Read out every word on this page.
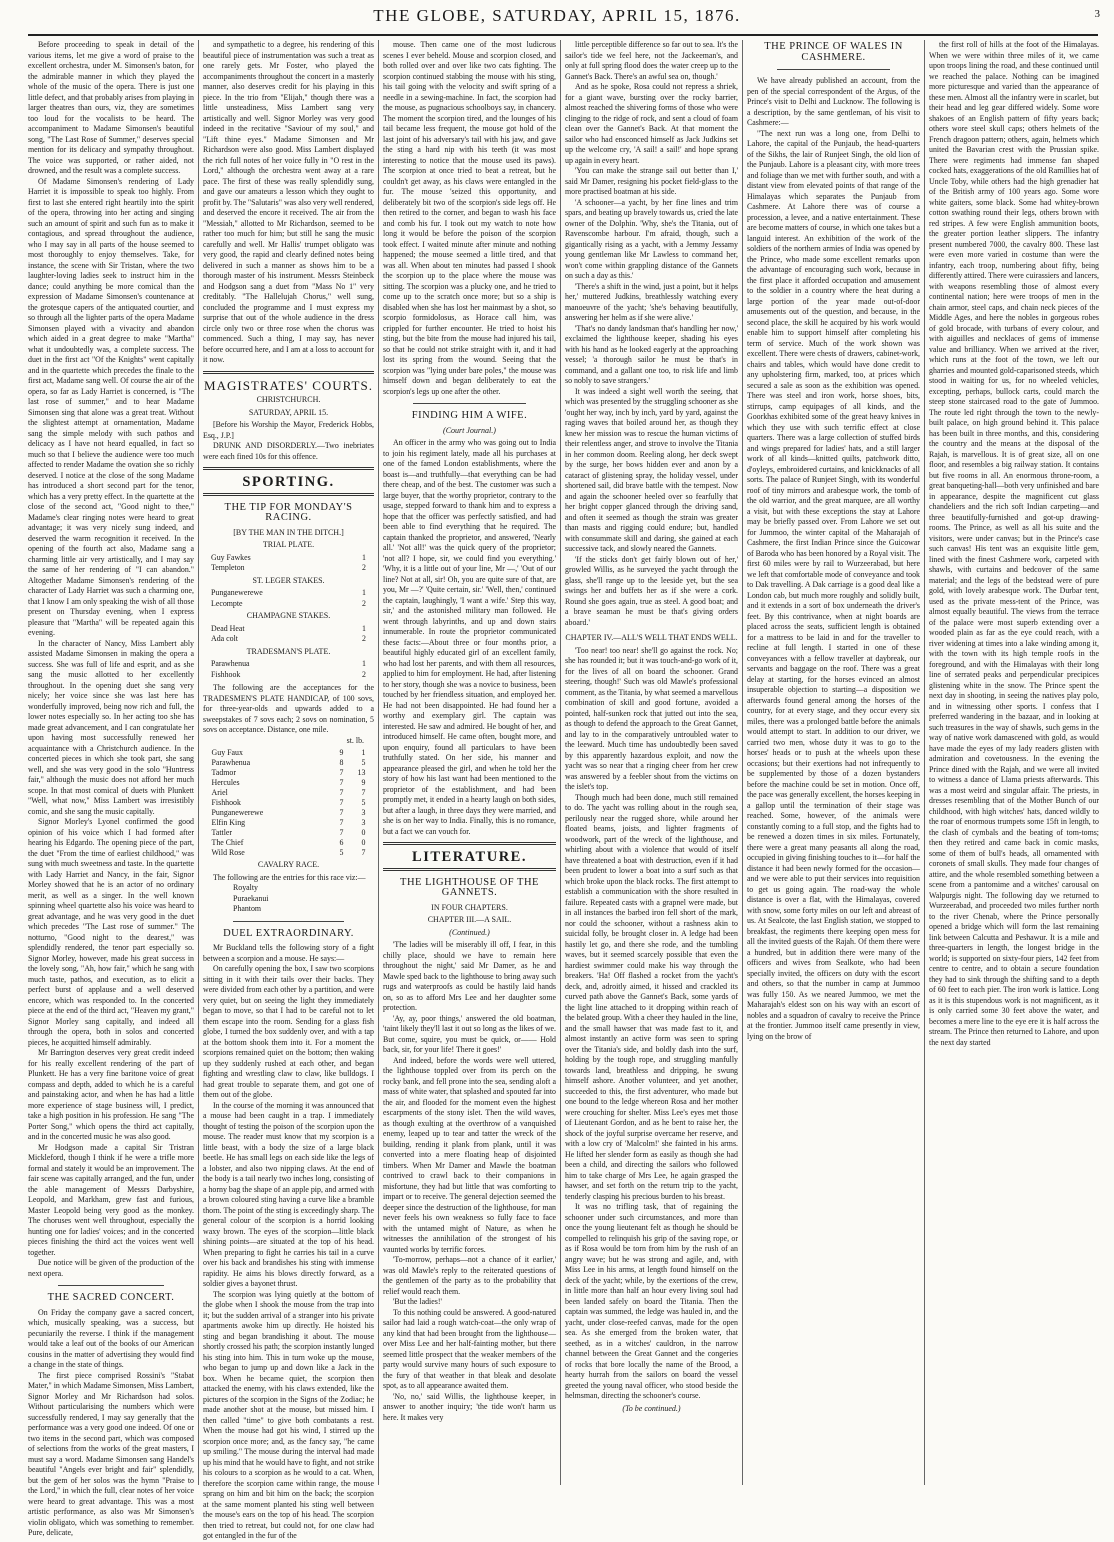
THE GLOBE, SATURDAY, APRIL 15, 1876.	3

Before proceeding to speak in detail of the various items, let me give a word of praise to the excellent orchestra, under M. Simonsen's baton, for the admirable manner in which they played the whole of the music of the opera. There is just one little defect, and that probably arises from playing in larger theatres than ours, viz, they are sometimes too loud for the vocalists to be heard. The accompaniment to Madame Simonsen's beautiful song, "The Last Rose of Summer," deserves special mention for its delicacy and sympathy throughout. The voice was supported, or rather aided, not drowned, and the result was a complete success.

Of Madame Simonsen's rendering of Lady Harriet it is impossible to speak too highly. From first to last she entered right heartily into the spirit of the opera, throwing into her acting and singing such an amount of spirit and such fun as to make it contagious, and spread throughout the audience, who I may say in all parts of the house seemed to most thoroughly to enjoy themselves. Take, for instance, the scene with Sir Tristan, where the two laughter-loving ladies seek to instruct him in the dance; could anything be more comical than the expression of Madame Simonsen's countenance at the grotesque capers of the antiquated courtier, and so through all the lighter parts of the opera Madame Simonsen played with a vivacity and abandon which aided in a great degree to make "Martha" what it undoubtedly was, a complete success. The duet in the first act "Of the Knights" went capitally and in the quartette which precedes the finale to the first act, Madame sang well. Of course the air of the opera, so far as Lady Harriet is concerned, is "The last rose of summer," and to hear Madame Simonsen sing that alone was a great treat. Without the slightest attempt at ornamentation, Madame sang the simple melody with such pathos and delicacy as I have not heard equalled, in fact so much so that I believe the audience were too much affected to render Madame the ovation she so richly deserved. I notice at the close of the song Madame has introduced a short second part for the tenor, which has a very pretty effect. In the quartette at the close of the second act, "Good night to thee," Madame's clear ringing notes were heard to great advantage; it was very nicely sung indeed, and deserved the warm recognition it received. In the opening of the fourth act also, Madame sang a charming little air very artistically, and I may say the same of her rendering of "I can abandon." Altogether Madame Simonsen's rendering of the character of Lady Harriet was such a charming one, that I know I am only speaking the wish of all those present on Thursday evening, when I express pleasure that "Martha" will be repeated again this evening.

In the character of Nancy, Miss Lambert ably assisted Madame Simonsen in making the opera a success. She was full of life and esprit, and as she sang the music allotted to her excellently throughout. In the opening duet she sang very nicely; her voice since she was last here has wonderfully improved, being now rich and full, the lower notes especially so. In her acting too she has made great advancement, and I can congratulate her upon having most successfully renewed her acquaintance with a Christchurch audience. In the concerted pieces in which she took part, she sang well, and she was very good in the solo "Huntress fair," although the music does not afford her much scope. In that most comical of duets with Plunkett "Well, what now," Miss Lambert was irresistibly comic, and she sang the music capitally.

Signor Morley's Lyonel confirmed the good opinion of his voice which I had formed after hearing his Edgardo. The opening piece of the part, the duet "From the time of earliest childhood," was sung with much sweetness and taste. In the quartette with Lady Harriet and Nancy, in the fair, Signor Morley showed that he is an actor of no ordinary merit, as well as a singer. In the well known spinning wheel quartette also his voice was heard to great advantage, and he was very good in the duet which precedes "The Last rose of summer." The notturno, "Good night to the dearest," was splendidly rendered, the tenor part especially so. Signor Morley, however, made his great success in the lovely song, "Ah, how fair," which he sang with much taste, pathos, and execution, as to elicit a perfect burst of applause and a well deserved encore, which was responded to. In the concerted piece at the end of the third act, "Heaven my grant," Signor Morley sang capitally, and indeed all through the opera, both in solos and concerted pieces, he acquitted himself admirably.

Mr Barrington deserves very great credit indeed for his really excellent rendering of the part of Plunkett. He has a very fine baritone voice of great compass and depth, added to which he is a careful and painstaking actor, and when he has had a little more experience of stage business will, I predict, take a high position in his profession. He sang "The Porter Song," which opens the third act capitally, and in the concerted music he was also good.

Mr Hodgson made a capital Sir Tristran Mickleford, though I think if he were a trifle more formal and stately it would be an improvement. The fair scene was capitally arranged, and the fun, under the able management of Messrs Darbyshire, Leopold, and Markham, grew fast and furious, Master Leopold being very good as the monkey. The choruses went well throughout, especially the hunting one for ladies' voices; and in the concerted pieces finishing the third act the voices went well together.

Due notice will be given of the production of the next opera.

THE SACRED CONCERT.

On Friday the company gave a sacred concert, which, musically speaking, was a success, but pecuniarily the reverse. I think if the management would take a leaf out of the books of our American cousins in the matter of advertising they would find a change in the state of things.

The first piece comprised Rossini's "Stabat Mater," in which Madame Simonsen, Miss Lambert, Signor Morley and Mr Richardson had solos. Without particularising the numbers which were successfully rendered, I may say generally that the performance was a very good one indeed. Of one or two items in the second part, which was composed of selections from the works of the great masters, I must say a word. Madame Simonsen sang Handel's beautiful "Angels ever bright and fair" splendidly, but the gem of her solos was the hymn "Praise to the Lord," in which the full, clear notes of her voice were heard to great advantage. This was a most artistic performance, as also was Mr Simonsen's violin obligato, which was something to remember. Pure, delicate,

and sympathetic to a degree, his rendering of this beautiful piece of instrumentation was such a treat as one rarely gets. Mr Foster, who played the accompaniments throughout the concert in a masterly manner, also deserves credit for his playing in this piece. In the trio from "Elijah," though there was a little unsteadiness, Miss Lambert sang very artistically and well. Signor Morley was very good indeed in the recitative "Saviour of my soul," and "Lift thine eyes." Madame Simonsen and Mr Richardson were also good. Miss Lambert displayed the rich full notes of her voice fully in "O rest in the Lord," although the orchestra went away at a rare pace. The first of these was really splendidly sung, and gave our amateurs a lesson which they ought to profit by. The "Salutaris" was also very well rendered, and deserved the encore it received. The air from the "Messiah," allotted to Mr Richardson, seemed to be rather too much for him; but still he sang the music carefully and well. Mr Hallis' trumpet obligato was very good, the rapid and clearly defined notes being delivered in such a manner as shows him to be a thorough master of his instrument. Messrs Steinbeck and Hodgson sang a duet from "Mass No 1" very creditably. "The Hallelujah Chorus," well sung, concluded the programme and I must express my surprise that out of the whole audience in the dress circle only two or three rose when the chorus was commenced. Such a thing, I may say, has never before occurred here, and I am at a loss to account for it now.

MAGISTRATES' COURTS.
CHRISTCHURCH.
SATURDAY, APRIL 15.

[Before his Worship the Mayor, Frederick Hobbs, Esq., J.P.]

DRUNK AND DISORDERLY.—Two inebriates were each fined 10s for this offence.

SPORTING.
THE TIP FOR MONDAY'S RACING.
[BY THE MAN IN THE DITCH.]
TRIAL PLATE.
Guy Fawkes	1
Templeton	2
ST. LEGER STAKES.
Punganewerewe	1
Lecompte	2
CHAMPAGNE STAKES.
Dead Heat	1
Ada colt	2
TRADESMAN'S PLATE.
Parawhenua	1
Fishhook	2

The following are the acceptances for the TRADESMEN'S PLATE HANDICAP, of 100 sovs, for three-year-olds and upwards added to a sweepstakes of 7 sovs each; 2 sovs on nomination, 5 sovs on acceptance. Distance, one mile.

st. lb.
Guy Faux	9	1
Parawhenua	8	5
Tadmor	7	13
Hercules	7	9
Ariel	7	7
Fishhook	7	5
Punganewerewe	7	3
Elfin King	7	3
Tattler	7	0
The Chief	6	0
Wild Rose	5	7
CAVALRY RACE.

The following are the entries for this race viz:—

Royalty
Puraekanui
Phantom
DUEL EXTRAORDINARY.

Mr Buckland tells the following story of a fight between a scorpion and a mouse. He says:—

On carefully opening the box, I saw two scorpions sitting in it with their tails over their backs. They were divided from each other by a partition, and were very quiet, but on seeing the light they immediately began to move, so that I had to be careful not to let them escape into the room. Sending for a glass fish globe, I turned the box suddenly over, and with a tap at the bottom shook them into it. For a moment the scorpions remained quiet on the bottom; then waking up they suddenly rushed at each other, and began fighting and wrestling claw to claw, like bulldogs. I had great trouble to separate them, and got one of them out of the globe.

In the course of the morning it was announced that a mouse had been caught in a trap. I immediately thought of testing the poison of the scorpion upon the mouse. The reader must know that my scorpion is a little beast, with a body the size of a large black beetle. He has small legs on each side like the legs of a lobster, and also two nipping claws. At the end of the body is a tail nearly two inches long, consisting of a horny bag the shape of an apple pip, and armed with a brown coloured sting having a curve like a bramble thorn. The point of the sting is exceedingly sharp. The general colour of the scorpion is a horrid looking waxy brown. The eyes of the scorpion—little black shining points—are situated at the top of his head. When preparing to fight he carries his tail in a curve over his back and brandishes his sting with immense rapidity. He aims his blows directly forward, as a soldier gives a bayonet thrust.

The scorpion was lying quietly at the bottom of the globe when I shook the mouse from the trap into it; but the sudden arrival of a stranger into his private apartments awoke him up directly. He hoisted his sting and began brandishing it about. The mouse shortly crossed his path; the scorpion instantly lunged his sting into him. This in turn woke up the mouse, who began to jump up and down like a Jack in the box. When he became quiet, the scorpion then attacked the enemy, with his claws extended, like the pictures of the scorpion in the Signs of the Zodiac; he made another shot at the mouse, but missed him. I then called "time" to give both combatants a rest. When the mouse had got his wind, I stirred up the scorpion once more; and, as the fancy say, "he came up smiling." The mouse during the interval had made up his mind that he would have to fight, and not strike his colours to a scorpion as he would to a cat. When, therefore the scorpion came within range, the mouse sprang on him and bit him on the back; the scorpion at the same moment planted his sting well between the mouse's ears on the top of his head. The scorpion then tried to retreat, but could not, for one claw had got entangled in the fur of the

mouse. Then came one of the most ludicrous scenes I ever beheld. Mouse and scorpion closed, and both rolled over and over like two cats fighting. The scorpion continued stabbing the mouse with his sting, his tail going with the velocity and swift spring of a needle in a sewing-machine. In fact, the scorpion had the mouse, as pugnacious schoolboys say, in chancery. The moment the scorpion tired, and the lounges of his tail became less frequent, the mouse got hold of the last joint of his adversary's tail with his jaw, and gave the sting a hard nip with his teeth (it was most interesting to notice that the mouse used its paws). The scorpion at once tried to beat a retreat, but he couldn't get away, as his claws were entangled in the fur. The mouse 'seized this opportunity, and deliberately bit two of the scorpion's side legs off. He then retired to the corner, and began to wash his face and comb his fur. I took out my watch to note how long it would be before the poison of the scorpion took effect. I waited minute after minute and nothing happened; the mouse seemed a little tired, and that was all. When about ten minutes had passed I shook the scorpion up to the place where the mouse was sitting. The scorpion was a plucky one, and he tried to come up to the scratch once more; but so a ship is disabled when she has lost her mainmast by a shot, so scorpio formidolosus, as Horace call him, was crippled for further encounter. He tried to hoist his sting, but the bite from the mouse had injured his tail, so that he could not strike straight with it, and it had lost its spring from the wound. Seeing that the scorpion was "lying under bare poles," the mouse was himself down and began deliberately to eat the scorpion's legs up one after the other.

FINDING HIM A WIFE.
(Court Journal.)

An officer in the army who was going out to India to join his regiment lately, made all his purchases at one of the famed London establishments, where the boast is—and truthfully—that everything can be had there cheap, and of the best. The customer was such a large buyer, that the worthy proprietor, contrary to the usage, stepped forward to thank him and to express a hope that the officer was perfectly satisfied, and had been able to find everything that he required. The captain thanked the proprietor, and answered, 'Nearly all.' 'Not all!' was the quick query of the proprietor; 'not all? I hope, sir, we could find you everything.' 'Why, it is a little out of your line, Mr —,' 'Out of our line? Not at all, sir! Oh, you are quite sure of that, are you, Mr —?' 'Quite certain, sir.' 'Well, then,' continued the captain, laughingly, 'I want a wife.' Step this way, sir,' and the astonished military man followed. He went through labyrinths, and up and down stairs innumerable. In route the proprietor communicated these facts:—About three or four months prior, a beautiful highly educated girl of an excellent family, who had lost her parents, and with them all resources, applied to him for employment. He had, after listening to her story, though she was a novice to business, been touched by her friendless situation, and employed her. He had not been disappointed. He had found her a worthy and exemplary girl. The captain was interested. He saw and admired. He bought of her, and introduced himself. He came often, bought more, and upon enquiry, found all particulars to have been truthfully stated. On her side, his manner and appearance pleased the girl, and when he told her the story of how his last want had been mentioned to the proprietor of the establishment, and had been promptly met, it ended in a hearty laugh on both sides, but after a laugh, in three days they were married, and she is on her way to India. Finally, this is no romance, but a fact we can vouch for.

LITERATURE.
THE LIGHTHOUSE OF THE GANNETS.
IN FOUR CHAPTERS.
CHAPTER III.—A SAIL.
(Continued.)

'The ladies will be miserably ill off, I fear, in this chilly place, should we have to remain here throughout the night,' said Mr Damer, as he and Mawle sped back to the lighthouse to bring away such rugs and waterproofs as could be hastily laid hands on, so as to afford Mrs Lee and her daughter some protection.

'Ay, ay, poor things,' answered the old boatman, 'taint likely they'll last it out so long as the likes of we. But come, squire, you must be quick, or—— Hold back, sir, for your life! There it goes!'

And indeed, before the words were well uttered, the lighthouse toppled over from its perch on the rocky bank, and fell prone into the sea, sending aloft a mass of white water, that splashed and spouted far into the air, and flooded for the moment even the highest escarpments of the stony islet. Then the wild waves, as though exulting at the overthrow of a vanquished enemy, leaped up to tear and tatter the wreck of the building, rending it plank from plank, until it was converted into a mere floating heap of disjointed timbers. When Mr Damer and Mawle the boatman contrived to crawl back to their companions in misfortune, they had but little that was comforting to impart or to receive. The general dejection seemed the deeper since the destruction of the lighthouse, for man never feels his own weakness so fully face to face with the untamed might of Nature, as when he witnesses the annihilation of the strongest of his vaunted works by terrific forces.

'To-morrow, perhaps—not a chance of it earlier,' was old Mawle's reply to the reiterated questions of the gentlemen of the party as to the probability that relief would reach them.

'But the ladies!'

To this nothing could be answered. A good-natured sailor had laid a rough watch-coat—the only wrap of any kind that had been brought from the lighthouse—over Miss Lee and her half-fainting mother, but there seemed little prospect that the weaker members of the party would survive many hours of such exposure to the fury of that weather in that bleak and desolate spot, as to all appearance awaited them.

'No, no,' said Willis, the lighthouse keeper, in answer to another inquiry; 'the tide won't harm us here. It makes very

little perceptible difference so far out to sea. It's the sailor's tide we feel here, not the Jackeeman's, and only at full spring flood does the water creep up to the Gannet's Back. There's an awful sea on, though.'

And as he spoke, Rosa could not repress a shriek, for a giant wave, bursting over the rocky barrier, almost reached the shivering forms of those who were clinging to the ridge of rock, and sent a cloud of foam clean over the Gannet's Back. At that moment the sailor who had ensconced himself as Jack Judkins set up the welcome cry, 'A sail! a sail!' and hope sprang up again in every heart.

'You can make the strange sail out better than I,' said Mr Damer, resigning his pocket field-glass to the more practised boatman at his side.

'A schooner—a yacht, by her fine lines and trim spars, and beating up bravely towards us, cried the late owner of the Dolphin. 'Why, she's the Titania, out of Ravenscombe harbour. I'm afraid, though, such a gigantically rising as a yacht, with a Jemmy Jessamy young gentleman like Mr Lawless to command her, won't come within grappling distance of the Gannets on such a day as this.'

'There's a shift in the wind, just a point, but it helps her,' muttered Judkins, breathlessly watching every manoeuvre of the yacht; 'she's behaving beautifully, answering her helm as if she were alive.'

'That's no dandy landsman that's handling her now,' exclaimed the lighthouse keeper, shading his eyes with his hand as he looked eagerly at the approaching vessel; 'a thorough sailor he must be that's in command, and a gallant one too, to risk life and limb so nobly to save strangers.'

It was indeed a sight well worth the seeing, that which was presented by the struggling schooner as she 'ought her way, inch by inch, yard by yard, against the raging waves that boiled around her, as though they knew her mission was to rescue the human victims of their relentless anger, and strove to involve the Titania in her common doom. Reeling along, her deck swept by the surge, her bows hidden ever and anon by a cataract of glistening spray, the holiday vessel, under shortened sail, did brave battle with the tempest. Now and again the schooner heeled over so fearfully that her bright copper glanced through the driving sand, and often it seemed as though the strain was greater than masts and rigging could endure; but, handled with consummate skill and daring, she gained at each successive tack, and slowly neared the Gannets.

'If the sticks don't get fairly blown out of her,' growled Willis, as he surveyed the yacht through the glass, she'll range up to the leeside yet, but the sea swings her and buffets her as if she were a cork. Round she goes again, true as steel. A good boat; and a brave seaman he must be that's giving orders aboard.'

CHAPTER IV.—ALL'S WELL THAT ENDS WELL.

'Too near! too near! she'll go against the rock. No; she has rounded it; but it was touch-and-go work of it, for the lives of all on board the schooner. Grand steering, though!' Such was old Mawle's professional comment, as the Titania, by what seemed a marvellous combination of skill and good fortune, avoided a pointed, half-sunken rock that jutted out into the sea, as though to defend the approach to the Great Gannet, and lay to in the comparatively untroubled water to the leeward. Much time has undoubtedly been saved by this apparently hazardous exploit, and now the yacht was so near that a ringing cheer from her crew was answered by a feebler shout from the victims on the islet's top.

Though much had been done, much still remained to do. The yacht was rolling about in the rough sea, perilously near the rugged shore, while around her floated beams, joists, and lighter fragments of woodwork, part of the wreck of the lighthouse, and whirling about with a violence that would of itself have threatened a boat with destruction, even if it had been prudent to lower a boat into a surf such as that which broke upon the black rocks. The first attempt to establish a communication with the shore resulted in failure. Repeated casts with a grapnel were made, but in all instances the barbed iron fell short of the mark, nor could the schooner, without a rashness akin to suicidal folly, be brought closer in. A ledge had been hastily let go, and there she rode, and the tumbling waves, but it seemed scarcely possible that even the hardiest swimmer could make his way through the breakers. 'Ha! Off flashed a rocket from the yacht's deck, and, adroitly aimed, it hissed and crackled its curved path above the Gannet's Back, some yards of the light line attached to it dropping within reach of the belated group. With a cheer they hauled in the line, and the small hawser that was made fast to it, and almost instantly an active form was seen to spring over the Titania's side, and boldly dash into the surf, holding by the tough rope, and struggling manfully towards land, breathless and dripping, he swung himself ashore. Another volunteer, and yet another, succeeded to this, the first adventurer, who made but one bound to the ledge whereon Rosa and her mother were crouching for shelter. Miss Lee's eyes met those of Lieutenant Gordon, and as he bent to raise her, the shock of the joyful surprise overcame her reserve, and with a low cry of 'Malcolm!' she fainted in his arms. He lifted her slender form as easily as though she had been a child, and directing the sailors who followed him to take charge of Mrs Lee, he again grasped the hawser, and set forth on the return trip to the yacht, tenderly clasping his precious burden to his breast.

It was no trifling task, that of regaining the schooner under such circumstances, and more than once the young lieutenant felt as though he should be compelled to relinquish his grip of the saving rope, or as if Rosa would be torn from him by the rush of an angry wave; but he was strong and agile, and, with Miss Lee in his arms, at length found himself on the deck of the yacht; while, by the exertions of the crew, in little more than half an hour every living soul had been landed safely on board the Titania. Then the captain was summed, the ledge was hauled in, and the yacht, under close-reefed canvas, made for the open sea. As she emerged from the broken water, that seethed, as in a witches' cauldron, in the narrow channel between the Great Gannet and the congeries of rocks that bore locally the name of the Brood, a hearty hurrah from the sailors on board the vessel greeted the young naval officer, who stood beside the helmsman, directing the schooner's course.

(To be continued.)
THE PRINCE OF WALES IN CASHMERE.

We have already published an account, from the pen of the special correspondent of the Argus, of the Prince's visit to Delhi and Lucknow. The following is a description, by the same gentleman, of his visit to Cashmere:—

"The next run was a long one, from Delhi to Lahore, the capital of the Punjaub, the head-quarters of the Sikhs, the lair of Runjeet Singh, the old lion of the Punjaub. Lahore is a pleasant city, with more trees and foliage than we met with further south, and with a distant view from elevated points of that range of the Himalayas which separates the Punjaub from Cashmere. At Lahore there was of course a procession, a levee, and a native entertainment. These are become matters of course, in which one takes but a languid interest. An exhibition of the work of the soldiers of the northern armies of India was opened by the Prince, who made some excellent remarks upon the advantage of encouraging such work, because in the first place it afforded occupation and amusement to the soldier in a country where the heat during a large portion of the year made out-of-door amusements out of the question, and because, in the second place, the skill he acquired by his work would enable him to support himself after completing his term of service. Much of the work shown was excellent. There were chests of drawers, cabinet-work, chairs and tables, which would have done credit to any upholstering firm, marked, too, at prices which secured a sale as soon as the exhibition was opened. There was steel and iron work, horse shoes, bits, stirrups, camp equipages of all kinds, and the Goorkhas exhibited some of the great heavy knives in which they use with such terrific effect at close quarters. There was a large collection of stuffed birds and wings prepared for ladies' hats, and a still larger work of all kinds—knitted quilts, patchwork ditto, d'oyleys, embroidered curtains, and knickknacks of all sorts. The palace of Runjeet Singh, with its wonderful roof of tiny mirrors and arabesque work, the tomb of the old warrior, and the great marquee, are all worthy a visit, but with these exceptions the stay at Lahore may be briefly passed over. From Lahore we set out for Jummoo, the winter capital of the Maharajah of Cashmere, the first Indian Prince since the Guicowar of Baroda who has been honored by a Royal visit. The first 60 miles were by rail to Wurzeerabad, but here we left that comfortable mode of conveyance and took to Dak travelling. A Dak carriage is a good deal like a London cab, but much more roughly and solidly built, and it extends in a sort of box underneath the driver's feet. By this contrivance, when at night boards are placed across the seats, sufficient length is obtained for a mattress to be laid in and for the traveller to recline at full length. I started in one of these conveyances with a fellow traveller at daybreak, our servants and baggage on the roof. There was a great delay at starting, for the horses evinced an almost insuperable objection to starting—a disposition we afterwards found general among the horses of the country, for at every stage, and they occur every six miles, there was a prolonged battle before the animals would attempt to start. In addition to our driver, we carried two men, whose duty it was to go to the horses' heads or to push at the wheels upon these occasions; but their exertions had not infrequently to be supplemented by those of a dozen bystanders before the machine could be set in motion. Once off, the pace was generally excellent, the horses keeping in a gallop until the termination of their stage was reached. Some, however, of the animals were constantly coming to a full stop, and the fights had to be renewed a dozen times in six miles. Fortunately, there were a great many peasants all along the road, occupied in giving finishing touches to it—for half the distance it had been newly formed for the occasion—and we were able to put their services into requisition to get us going again. The road-way the whole distance is over a flat, with the Himalayas, covered with snow, some forty miles on our left and abreast of us. At Sealcote, the last English station, we stopped to breakfast, the regiments there keeping open mess for all the invited guests of the Rajah. Of them there were a hundred, but in addition there were many of the officers and wives from Sealkote, who had been specially invited, the officers on duty with the escort and others, so that the number in camp at Jummoo was fully 150. As we neared Jummoo, we met the Maharajah's eldest son on his way with an escort of nobles and a squadron of cavalry to receive the Prince at the frontier. Jummoo itself came presently in view, lying on the brow of

the first roll of hills at the foot of the Himalayas. When we were within three miles of it, we came upon troops lining the road, and these continued until we reached the palace. Nothing can be imagined more picturesque and varied than the appearance of these men. Almost all the infantry were in scarlet, but their head and leg gear differed widely. Some wore shakoes of an English pattern of fifty years back; others wore steel skull caps; others helmets of the French dragoon pattern; others, again, helmets which united the Bavarian crest with the Prussian spike. There were regiments had immense fan shaped cocked hats, exaggerations of the old Ramillies hat of Uncle Toby, while others had the high grenadier hat of the British army of 100 years ago. Some wore white gaiters, some black. Some had whitey-brown cotton swathing round their legs, others brown with red stripes. A few were English ammunition boots, the greater portion leather slippers. The infantry present numbered 7000, the cavalry 800. These last were even more varied in costume than were the infantry, each troop, numbering about fifty, being differently attired. There were cuirassiers and lancers, with weapons resembling those of almost every continental nation; here were troops of men in the chain armor, steel caps, and chain neck pieces of the Middle Ages, and here the nobles in gorgeous robes of gold brocade, with turbans of every colour, and with aiguilles and necklaces of gems of immense value and brilliancy. When we arrived at the river, which runs at the foot of the town, we left our gharries and mounted gold-caparisoned steeds, which stood in waiting for us, for no wheeled vehicles, excepting, perhaps, bullock carts, could march the steep stone staircased road to the gate of Jummoo. The route led right through the town to the newly-built palace, on high ground behind it. This palace has been built in three months, and this, considering the country and the means at the disposal of the Rajah, is marvellous. It is of great size, all on one floor, and resembles a big railway station. It contains but five rooms in all. An enormous throne-room, a great banqueting-hall—both very unfinished and bare in appearance, despite the magnificent cut glass chandeliers and the rich soft Indian carpeting—and three beautifully-furnished and got-up drawing-rooms. The Prince, as well as all his suite and the visitors, were under canvas; but in the Prince's case such canvas! His tent was an exquisite little gem, lined with the finest Cashmere work, carpeted with shawls, with curtains and bedcover of the same material; and the legs of the bedstead were of pure gold, with lovely arabesque work. The Durbar tent, used as the private mess-tent of the Prince, was almost equally beautiful. The views from the terrace of the palace were most superb extending over a wooded plain as far as the eye could reach, with a river widening at times into a lake winding among it, with the town with its high temple roofs in the foreground, and with the Himalayas with their long line of serrated peaks and perpendicular precipices glistening white in the snow. The Prince spent the next day in shooting, in seeing the natives play polo, and in witnessing other sports. I confess that I preferred wandering in the bazaar, and in looking at such treasures in the way of shawls, such gems in the way of native work damascened with gold, as would have made the eyes of my lady readers glisten with admiration and covetousness. In the evening the Prince dined with the Rajah, and we were all invited to witness a dance of Llama priests afterwards. This was a most weird and singular affair. The priests, in dresses resembling that of the Mother Bunch of our childhood, with high witches' hats, danced wildly to the roar of enormous trumpets some 15ft in length, to the clash of cymbals and the beating of tom-toms; then they retired and came back in comic masks, some of them of bull's heads, all ornamented with coronets of small skulls. They made four changes of attire, and the whole resembled something between a scene from a pantomime and a witches' carousal on Walpurgis night. The following day we returned to Wurzeerabad, and proceeded two miles further north to the river Chenab, where the Prince personally opened a bridge which will form the last remaining link between Calcutta and Peshawur. It is a mile and three-quarters in length, the longest bridge in the world; is supported on sixty-four piers, 142 feet from centre to centre, and to obtain a secure foundation they had to sink through the shifting sand to a depth of 60 feet to each pier. The iron work is lattice. Long as it is this stupendous work is not magnificent, as it is only carried some 30 feet above the water, and becomes a mere line to the eye ere it is half across the stream. The Prince then returned to Lahore, and upon the next day started
